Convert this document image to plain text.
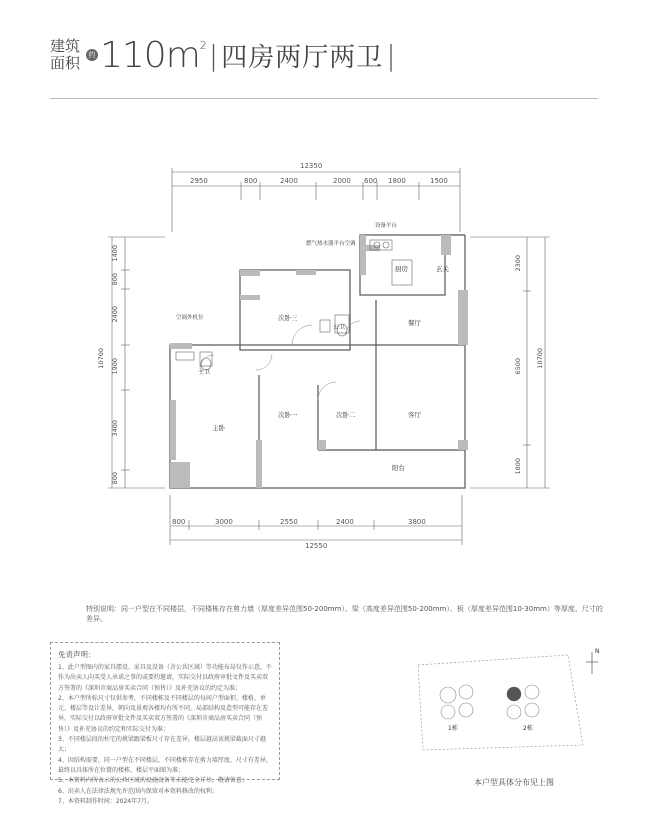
建筑面积	约 $110m^2$ | 四房两厅两卫 |
12350
2950	800	2400	2000 600 1800	1500
800	3000	2550	2400	3800
12550
1400
800
2400
1900
3400
800
10700
2300
6500
1800
10700
厨房	玄关
餐厅
客厅
次卧三
次卧一	次卧二
主卧
主卫
公卫
阳台
设备平台
燃气热水器平台空调
空调外机位
特别说明：同一户型在不同楼层，不同楼栋存在剪力墙（厚度差异范围50-200mm）、梁（高度差异范围50-200mm）、板（厚度差异范围10-30mm）等厚度、尺寸的差异。
免责声明：
1、此户型图内的家具摆设、家具及设备（含公共区域）等功能布局仅作示意，不作为出卖人向买受人承诺之事的或要约邀请，实际交付以政府审批文件及买卖双方签署的《深圳市商品房买卖合同（预售）》及补充协议的约定为准；
2、本户型所标尺寸仅供参考，不同楼栋及不同楼层的每间户型面积、楼格、单元、楼层等设计差异，朝向及景观各楼均有所不同，局部结构及造型可能存在差异，实际交付以政府审批文件及买卖双方签署的《深圳市商品房买卖合同（预售）》及补充协议的约定和实际交付为准；
3、不同楼层段的柱宅的挑梁跟梁板尺寸存在差异，楼层越高该挑梁截面尺寸越大；
4、因结构需要，同一户型在不同楼层，不同楼栋存在剪力墙厚度、尺寸有差异，最终以具体所在位置的楼栋、楼层平面图为准；
5、本资料内所表示的公共区域的设施设备等未能完全详尽，敬请留意；
6、出卖人在法律法规允许范围内保留对本资料修改的权利；
7、本资料制作时间：2024年7月。
N
1栋	2栋
本户型具体分布见上图
